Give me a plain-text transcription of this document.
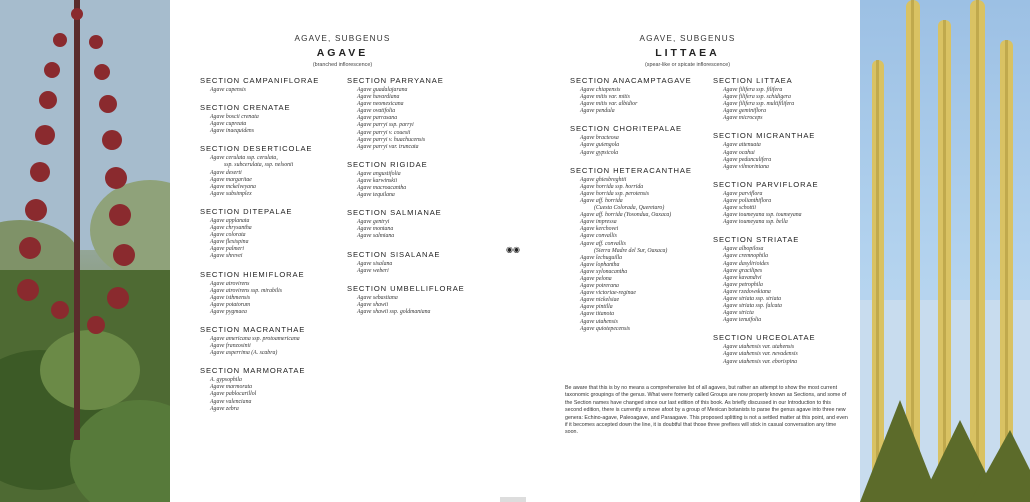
AGAVE, SUBGENUS
AGAVE
(branched inflorescence)
SECTION CAMPANIFLORAE
Agave capensis
SECTION CRENATAE
Agave boscii crenata
Agave cupreata
Agave inaequidens
SECTION DESERTICOLAE
Agave cerulata ssp. cerulata,
ssp. subcerulata, ssp. nelsonii
Agave deserti
Agave margaritae
Agave mckelveyana
Agave subsimplex
SECTION DITEPALAE
Agave applanata
Agave chrysantha
Agave colorata
Agave flexispina
Agave palmeri
Agave shrevei
SECTION HIEMIFLORAE
Agave atrovirens
Agave atrovirens ssp. mirabilis
Agave isthmensis
Agave potatorum
Agave pygmaea
SECTION MACRANTHAE
Agave americana ssp. protoamericana
Agave franzosinii
Agave asperrima (A. scabra)
SECTION MARMORATAE
A. gypsophila
Agave marmorata
Agave pablocarillol
Agave valenciana
Agave zebra
SECTION PARRYANAE
Agave guadalajarana
Agave havardiana
Agave neomexicana
Agave ovatifolia
Agave parrasana
Agave parryi ssp. parryi
Agave parryi v. couesii
Agave parryi v. huachucensis
Agave parryi var. truncata
SECTION RIGIDAE
Agave angustifolia
Agave karwinskii
Agave macroacantha
Agave tequilana
SECTION SALMIANAE
Agave gentryi
Agave montana
Agave salmiana
SECTION SISALANAE
Agave sisalana
Agave weberi
SECTION UMBELLIFLORAE
Agave sebastiana
Agave shawii
Agave shawii ssp. goldmaniana
◉◉
AGAVE, SUBGENUS
LITTAEA
(spear-like or spicate inflorescence)
SECTION ANACAMPTAGAVE
Agave chiapensis
Agave mitis var. mitis
Agave mitis var. albidior
Agave pendula
SECTION CHORITEPALAE
Agave bracteosa
Agave guiengola
Agave gypsicola
SECTION HETERACANTHAE
Agave ghiesbreghtii
Agave horrida ssp. horrida
Agave horrida ssp. perotensis
Agave aff. horrida
(Cuesta Colorada, Queretaro)
Agave aff. horrida (Yosondua, Oaxaca)
Agave impressa
Agave kerchovei
Agave convallis
Agave aff. convallis
(Sierra Madre del Sur, Oaxaca)
Agave lechuguilla
Agave lophantha
Agave xylonacantha
Agave pelona
Agave potrerana
Agave victoriae-reginae
Agave nickelsiae
Agave pintilla
Agave titanota
Agave utahensis
Agave quiotepecensis
SECTION LITTAEA
Agave filifera ssp. filifera
Agave filifera ssp. schidigera
Agave filifera ssp. multifilifera
Agave geminiflora
Agave microceps
SECTION MICRANTHAE
Agave attenuata
Agave ocahui
Agave pedunculifera
Agave vilmoriniana
SECTION PARVIFLORAE
Agave parviflora
Agave polianthiflora
Agave schottii
Agave toumeyana ssp. toumeyana
Agave toumeyana ssp. bella
SECTION STRIATAE
Agave albopilosa
Agave cremnophila
Agave dasylirioides
Agave gracilipes
Agave kavandivi
Agave petrophila
Agave rzedowskiana
Agave striata ssp. striata
Agave striata ssp. falcata
Agave stricta
Agave tenuifolia
SECTION URCEOLATAE
Agave utahensis var. utahensis
Agave utahensis var. nevadensis
Agave utahensis var. eborispina
Be aware that this is by no means a comprehensive list of all agaves, but rather an attempt to show the most current taxonomic groupings of the genus. What were formerly called Groups are now properly known as Sections, and some of the Section names have changed since our last edition of this book. As briefly discussed in our Introduction to this second edition, there is currently a move afoot by a group of Mexican botanists to parse the genus agave into three new genera: Echino-agave, Paleoagave, and Paraagave. This proposed splitting is not a settled matter at this point, and even if it becomes accepted down the line, it is doubtful that those three prefixes will stick in casual conversation any time soon.
